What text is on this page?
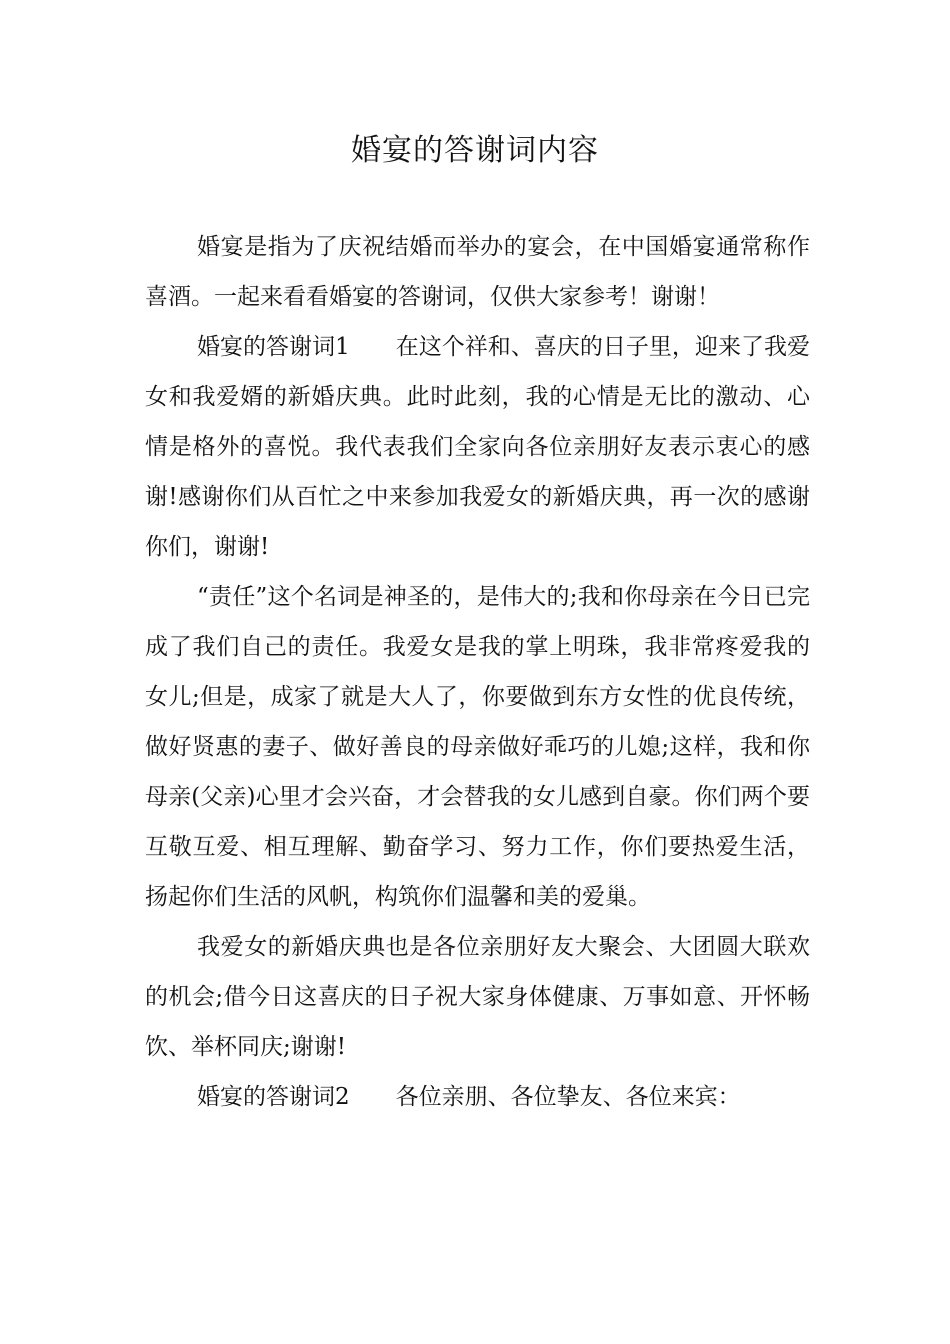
婚宴的答谢词内容

婚宴是指为了庆祝结婚而举办的宴会，在中国婚宴通常称作喜酒。一起来看看婚宴的答谢词，仅供大家参考！谢谢！

婚宴的答谢词1 在这个祥和、喜庆的日子里，迎来了我爱女和我爱婿的新婚庆典。此时此刻，我的心情是无比的激动、心情是格外的喜悦。我代表我们全家向各位亲朋好友表示衷心的感谢!感谢你们从百忙之中来参加我爱女的新婚庆典，再一次的感谢你们，谢谢!

“责任”这个名词是神圣的，是伟大的;我和你母亲在今日已完成了我们自己的责任。我爱女是我的掌上明珠，我非常疼爱我的女儿;但是，成家了就是大人了，你要做到东方女性的优良传统，做好贤惠的妻子、做好善良的母亲做好乖巧的儿媳;这样，我和你母亲(父亲)心里才会兴奋，才会替我的女儿感到自豪。你们两个要互敬互爱、相互理解、勤奋学习、努力工作，你们要热爱生活，扬起你们生活的风帆，构筑你们温馨和美的爱巢。

我爱女的新婚庆典也是各位亲朋好友大聚会、大团圆大联欢的机会;借今日这喜庆的日子祝大家身体健康、万事如意、开怀畅饮、举杯同庆;谢谢!

婚宴的答谢词2 各位亲朋、各位挚友、各位来宾：
